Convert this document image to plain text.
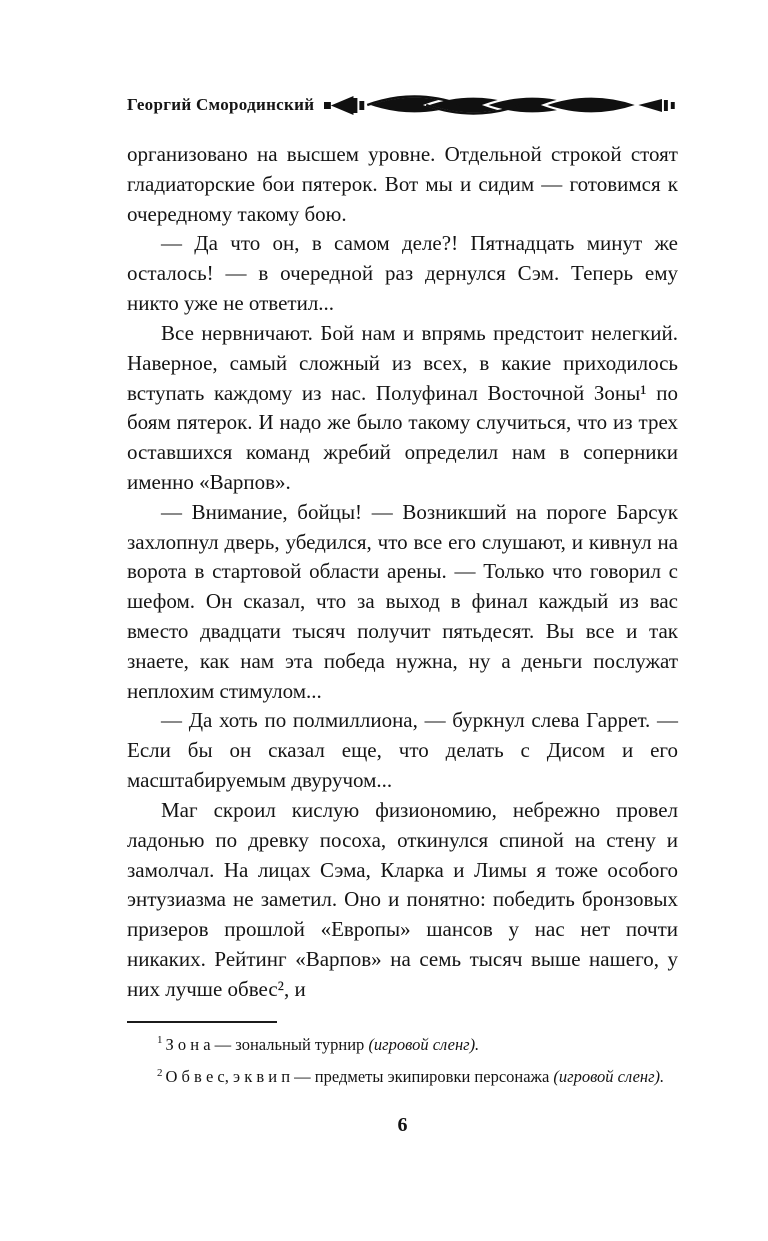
Георгий Смородинский

организовано на высшем уровне. Отдельной строкой стоят гладиаторские бои пятерок. Вот мы и сидим — готовимся к очередному такому бою.

— Да что он, в самом деле?! Пятнадцать минут же осталось! — в очередной раз дернулся Сэм. Теперь ему никто уже не ответил...

Все нервничают. Бой нам и впрямь предстоит нелегкий. Наверное, самый сложный из всех, в какие приходилось вступать каждому из нас. Полуфинал Восточной Зоны¹ по боям пятерок. И надо же было такому случиться, что из трех оставшихся команд жребий определил нам в соперники именно «Варпов».

— Внимание, бойцы! — Возникший на пороге Барсук захлопнул дверь, убедился, что все его слушают, и кивнул на ворота в стартовой области арены. — Только что говорил с шефом. Он сказал, что за выход в финал каждый из вас вместо двадцати тысяч получит пятьдесят. Вы все и так знаете, как нам эта победа нужна, ну а деньги послужат неплохим стимулом...

— Да хоть по полмиллиона, — буркнул слева Гаррет. — Если бы он сказал еще, что делать с Дисом и его масштабируемым двуручом...

Маг скроил кислую физиономию, небрежно провел ладонью по древку посоха, откинулся спиной на стену и замолчал. На лицах Сэма, Кларка и Лимы я тоже особого энтузиазма не заметил. Оно и понятно: победить бронзовых призеров прошлой «Европы» шансов у нас нет почти никаких. Рейтинг «Варпов» на семь тысяч выше нашего, у них лучше обвес², и

$^1$ З о н а — зональный турнир (игровой сленг).

$^2$ О б в е с, э к в и п — предметы экипировки персонажа (игровой сленг).

6
